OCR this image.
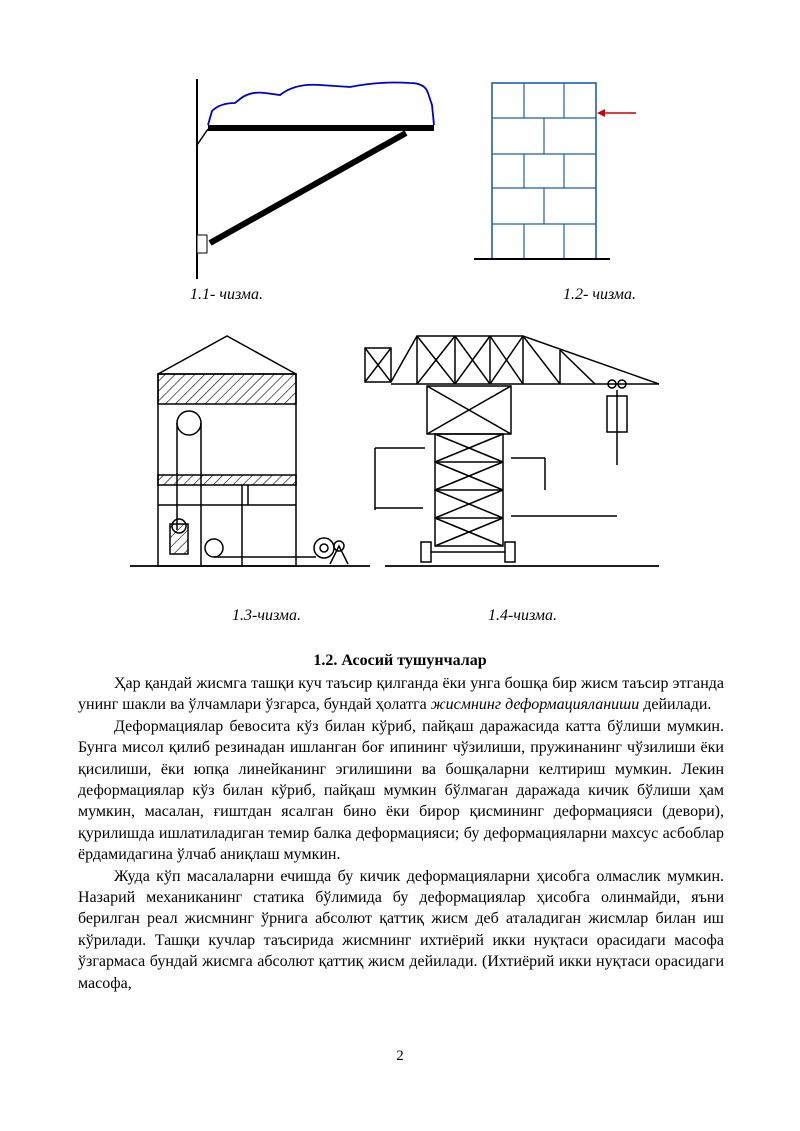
1.1- чизма.	1.2- чизма.
1.3-чизма.	1.4-чизма.
1.2. Асосий тушунчалар

Ҳар қандай жисмга ташқи куч таъсир қилганда ёки унга бошқа бир жисм таъсир этганда унинг шакли ва ўлчамлари ўзгарса, бундай ҳолатга жисмнинг деформацияланиши дейилади.

Деформациялар бевосита кўз билан кўриб, пайқаш даражасида катта бўлиши мумкин. Бунга мисол қилиб резинадан ишланган боғ ипининг чўзилиши, пружинанинг чўзилиши ёки қисилиши, ёки юпқа линейканинг эгилишини ва бошқаларни келтириш мумкин. Лекин деформациялар кўз билан кўриб, пайқаш мумкин бўлмаган даражада кичик бўлиши ҳам мумкин, масалан, ғиштдан ясалган бино ёки бирор қисмининг деформацияси (девори), қурилишда ишлатиладиган темир балка деформацияси; бу деформацияларни махсус асбоблар ёрдамидагина ўлчаб аниқлаш мумкин.

Жуда кўп масалаларни ечишда бу кичик деформацияларни ҳисобга олмаслик мумкин. Назарий механиканинг статика бўлимида бу деформациялар ҳисобга олинмайди, яъни берилган реал жисмнинг ўрнига абсолют қаттиқ жисм деб аталадиган жисмлар билан иш кўрилади. Ташқи кучлар таъсирида жисмнинг ихтиёрий икки нуқтаси орасидаги масофа ўзгармаса бундай жисмга абсолют қаттиқ жисм дейилади. (Ихтиёрий икки нуқтаси орасидаги масофа,

2
